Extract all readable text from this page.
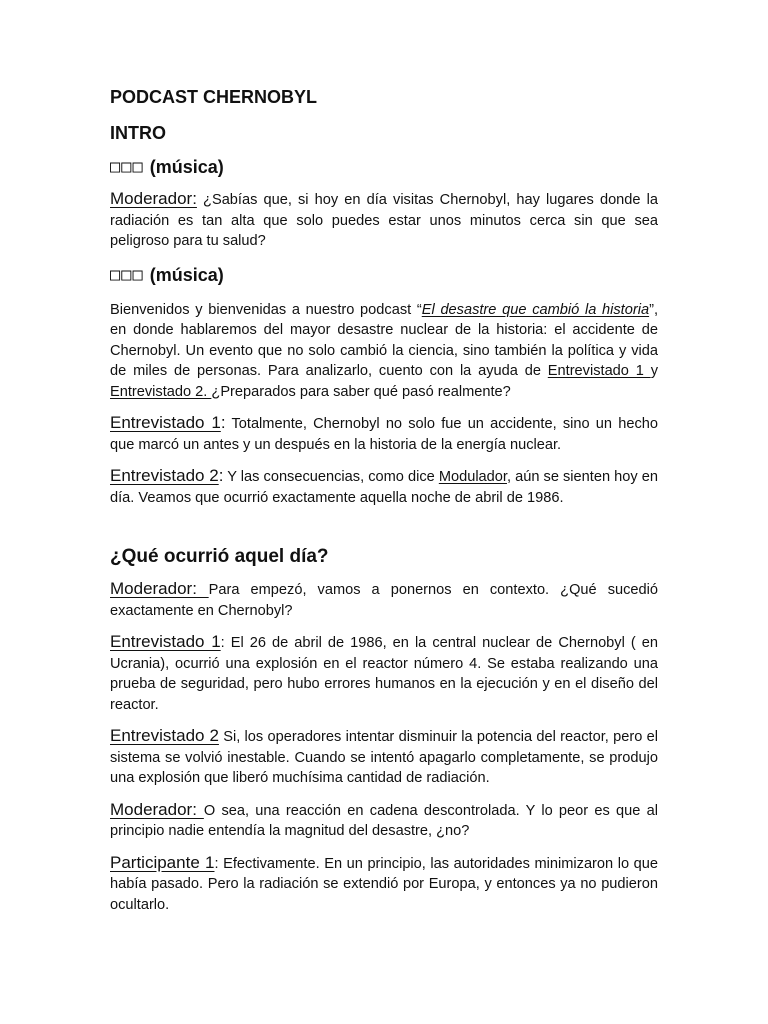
PODCAST CHERNOBYL
INTRO
□□□ (música)

Moderador: ¿Sabías que, si hoy en día visitas Chernobyl, hay lugares donde la radiación es tan alta que solo puedes estar unos minutos cerca sin que sea peligroso para tu salud?

□□□ (música)

Bienvenidos y bienvenidas a nuestro podcast “El desastre que cambió la historia”, en donde hablaremos del mayor desastre nuclear de la historia: el accidente de Chernobyl. Un evento que no solo cambió la ciencia, sino también la política y vida de miles de personas. Para analizarlo, cuento con la ayuda de Entrevistado 1 y Entrevistado 2. ¿Preparados para saber qué pasó realmente?

Entrevistado 1: Totalmente, Chernobyl no solo fue un accidente, sino un hecho que marcó un antes y un después en la historia de la energía nuclear.

Entrevistado 2: Y las consecuencias, como dice Modulador, aún se sienten hoy en día. Veamos que ocurrió exactamente aquella noche de abril de 1986.

¿Qué ocurrió aquel día?

Moderador: Para empezó, vamos a ponernos en contexto. ¿Qué sucedió exactamente en Chernobyl?

Entrevistado 1: El 26 de abril de 1986, en la central nuclear de Chernobyl ( en Ucrania), ocurrió una explosión en el reactor número 4. Se estaba realizando una prueba de seguridad, pero hubo errores humanos en la ejecución y en el diseño del reactor.

Entrevistado 2 Si, los operadores intentar disminuir la potencia del reactor, pero el sistema se volvió inestable. Cuando se intentó apagarlo completamente, se produjo una explosión que liberó muchísima cantidad de radiación.

Moderador: O sea, una reacción en cadena descontrolada. Y lo peor es que al principio nadie entendía la magnitud del desastre, ¿no?

Participante 1: Efectivamente. En un principio, las autoridades minimizaron lo que había pasado. Pero la radiación se extendió por Europa, y entonces ya no pudieron ocultarlo.
